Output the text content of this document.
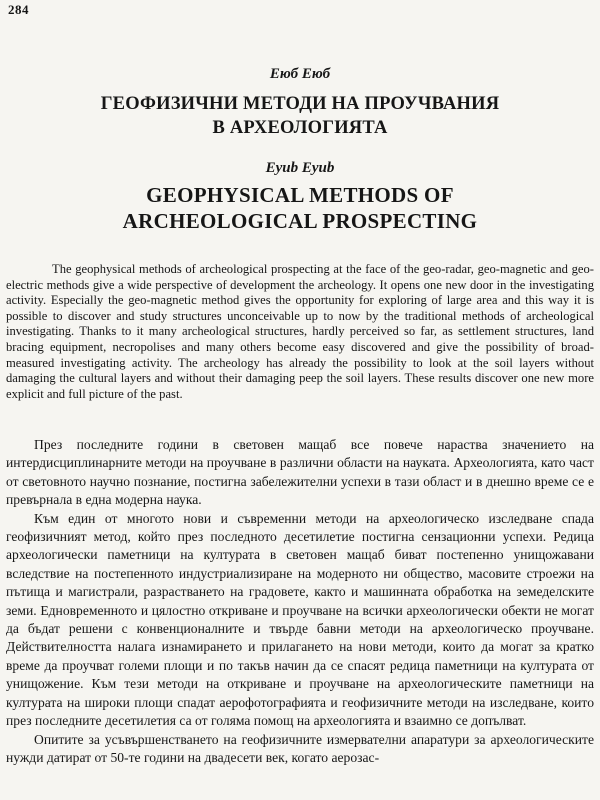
284
Еюб Еюб
ГЕОФИЗИЧНИ МЕТОДИ НА ПРОУЧВАНИЯ
В АРХЕОЛОГИЯТА
Eyub Eyub
GEOPHYSICAL METHODS OF
ARCHEOLOGICAL PROSPECTING

The geophysical methods of archeological prospecting at the face of the geo-radar, geo-magnetic and geo-electric methods give a wide perspective of development the archeology. It opens one new door in the investigating activity. Especially the geo-magnetic method gives the opportunity for exploring of large area and this way it is possible to discover and study structures unconceivable up to now by the traditional methods of archeological investigating. Thanks to it many archeological structures, hardly perceived so far, as settlement structures, land bracing equipment, necropolises and many others become easy discovered and give the possibility of broad-measured investigating activity. The archeology has already the possibility to look at the soil layers without damaging the cultural layers and without their damaging peep the soil layers. These results discover one new more explicit and full picture of the past.

През последните години в световен мащаб все повече нараства значението на интердисциплинарните методи на проучване в различни области на науката. Археологията, като част от световното научно познание, постигна забележителни успехи в тази област и в днешно време се е превърнала в една модерна наука.

Към един от многото нови и съвременни методи на археологическо изследване спада геофизичният метод, който през последното десетилетие постигна сензационни успехи. Редица археологически паметници на културата в световен мащаб биват постепенно унищожавани вследствие на постепенното индустриализиране на модерното ни общество, масовите строежи на пътища и магистрали, разрастването на градовете, както и машинната обработка на земеделските земи. Едновременното и цялостно откриване и проучване на всички археологически обекти не могат да бъдат решени с конвенционалните и твърде бавни методи на археологическо проучване. Действителността налага изнамирането и прилагането на нови методи, които да могат за кратко време да проучват големи площи и по такъв начин да се спасят редица паметници на културата от унищожение. Към тези методи на откриване и проучване на археологическите паметници на културата на широки площи спадат аерофотографията и геофизичните методи на изследване, които през последните десетилетия са от голяма помощ на археологията и взаимно се допълват.

Опитите за усъвършенстването на геофизичните измервателни апаратури за археологическите нужди датират от 50-те години на двадесети век, когато аерозас-
